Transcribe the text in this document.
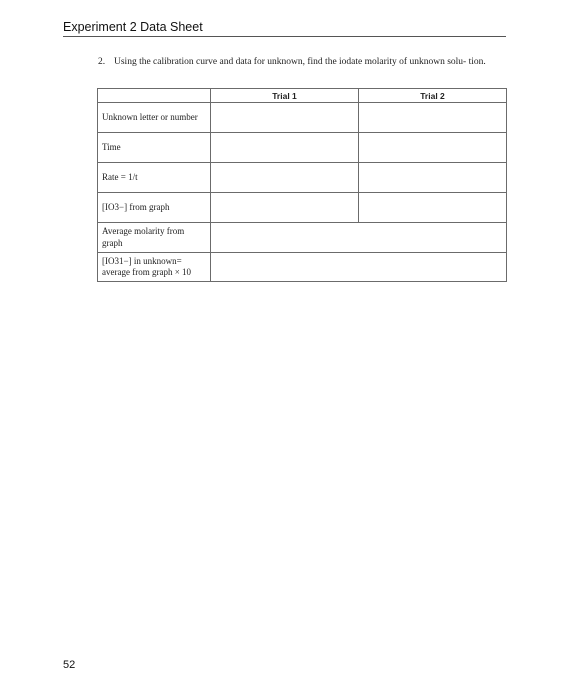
Experiment 2 Data Sheet
2. Using the calibration curve and data for unknown, find the iodate molarity of unknown solu- tion.
	Trial 1	Trial 2
Unknown letter or number		
Time		
Rate = 1/t		
[IO3−] from graph		
Average molarity from graph		
[IO31−] in unknown= average from graph × 10		
52
